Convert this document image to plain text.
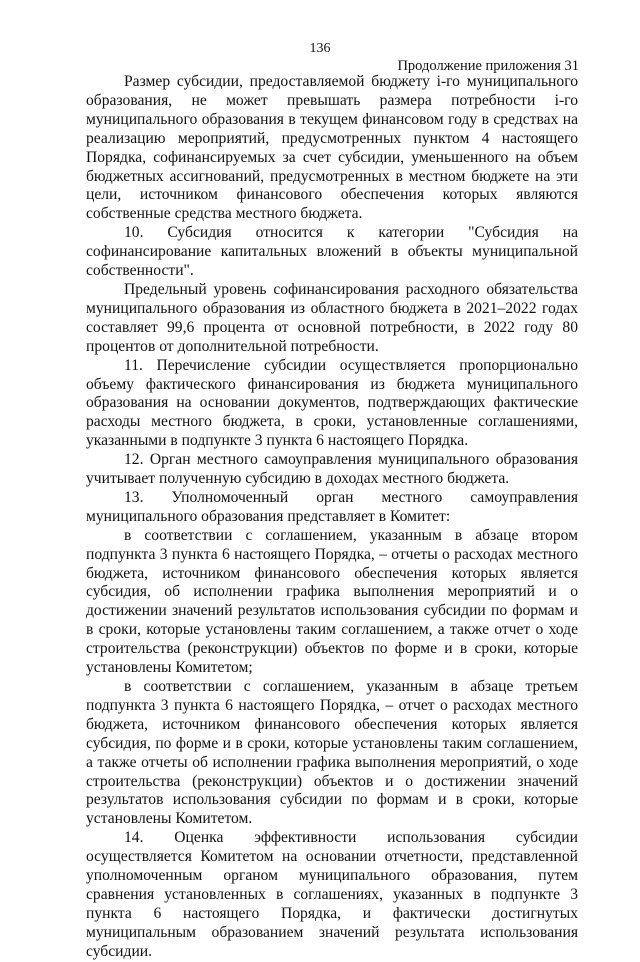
136
Продолжение приложения 31

Размер субсидии, предоставляемой бюджету i-го муниципального образования, не может превышать размера потребности i-го муниципального образования в текущем финансовом году в средствах на реализацию мероприятий, предусмотренных пунктом 4 настоящего Порядка, софинансируемых за счет субсидии, уменьшенного на объем бюджетных ассигнований, предусмотренных в местном бюджете на эти цели, источником финансового обеспечения которых являются собственные средства местного бюджета.

10. Субсидия относится к категории "Субсидия на софинансирование капитальных вложений в объекты муниципальной собственности".

Предельный уровень софинансирования расходного обязательства муниципального образования из областного бюджета в 2021–2022 годах составляет 99,6 процента от основной потребности, в 2022 году 80 процентов от дополнительной потребности.

11. Перечисление субсидии осуществляется пропорционально объему фактического финансирования из бюджета муниципального образования на основании документов, подтверждающих фактические расходы местного бюджета, в сроки, установленные соглашениями, указанными в подпункте 3 пункта 6 настоящего Порядка.

12. Орган местного самоуправления муниципального образования учитывает полученную субсидию в доходах местного бюджета.

13. Уполномоченный орган местного самоуправления муниципального образования представляет в Комитет:

в соответствии с соглашением, указанным в абзаце втором подпункта 3 пункта 6 настоящего Порядка, – отчеты о расходах местного бюджета, источником финансового обеспечения которых является субсидия, об исполнении графика выполнения мероприятий и о достижении значений результатов использования субсидии по формам и в сроки, которые установлены таким соглашением, а также отчет о ходе строительства (реконструкции) объектов по форме и в сроки, которые установлены Комитетом;

в соответствии с соглашением, указанным в абзаце третьем подпункта 3 пункта 6 настоящего Порядка, – отчет о расходах местного бюджета, источником финансового обеспечения которых является субсидия, по форме и в сроки, которые установлены таким соглашением, а также отчеты об исполнении графика выполнения мероприятий, о ходе строительства (реконструкции) объектов и о достижении значений результатов использования субсидии по формам и в сроки, которые установлены Комитетом.

14. Оценка эффективности использования субсидии осуществляется Комитетом на основании отчетности, представленной уполномоченным органом муниципального образования, путем сравнения установленных в соглашениях, указанных в подпункте 3 пункта 6 настоящего Порядка, и фактически достигнутых муниципальным образованием значений результата использования субсидии.
